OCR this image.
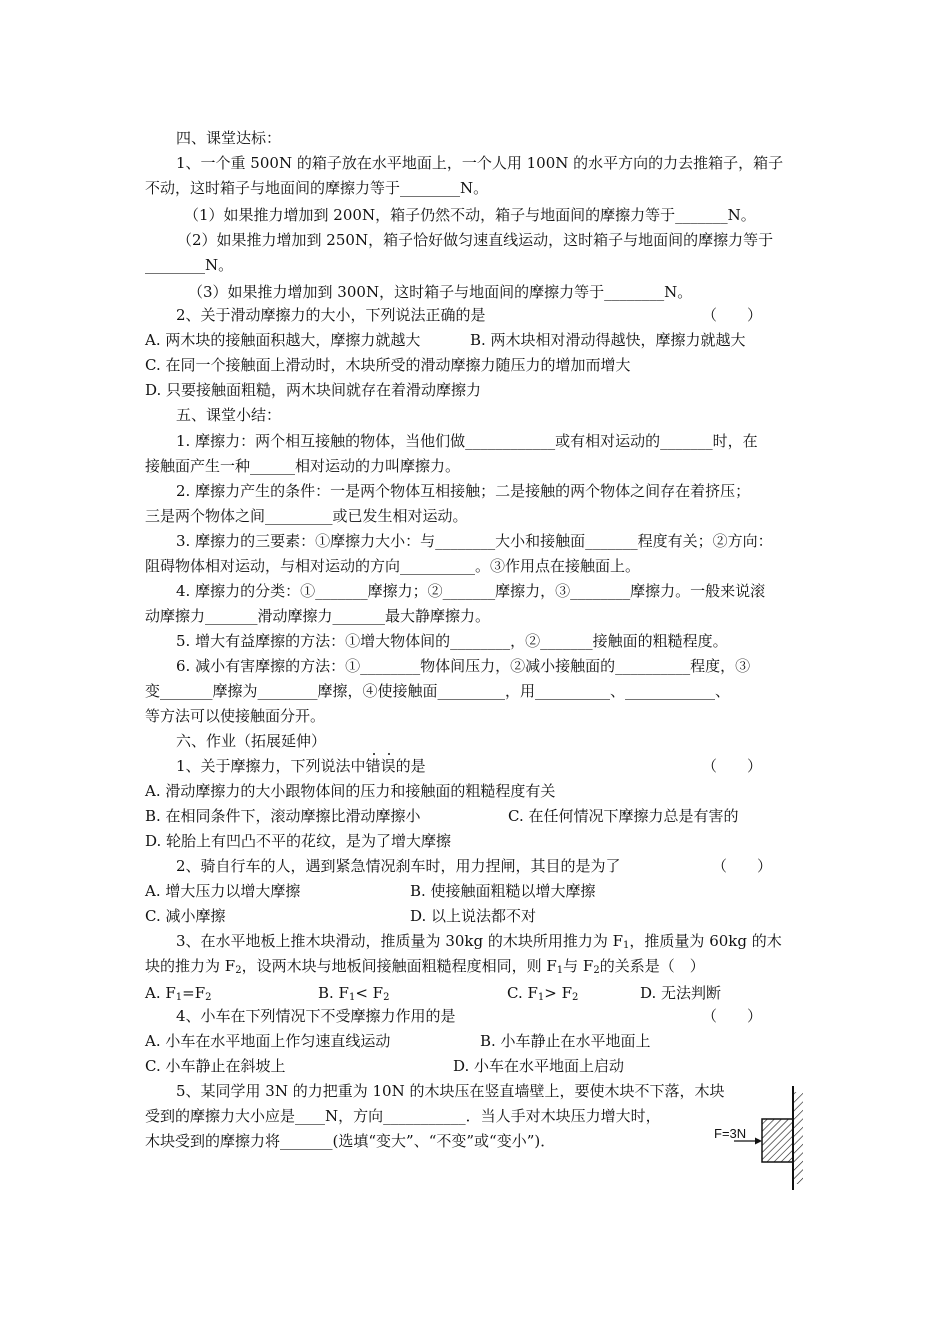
四、课堂达标：
1、一个重 500N 的箱子放在水平地面上，一个人用 100N 的水平方向的力去推箱子，箱子
不动，这时箱子与地面间的摩擦力等于________N。
（1）如果推力增加到 200N，箱子仍然不动，箱子与地面间的摩擦力等于_______N。
（2）如果推力增加到 250N，箱子恰好做匀速直线运动，这时箱子与地面间的摩擦力等于
________N。
（3）如果推力增加到 300N，这时箱子与地面间的摩擦力等于________N。
2、关于滑动摩擦力的大小，下列说法正确的是	（　　）
A. 两木块的接触面积越大，摩擦力就越大	B. 两木块相对滑动得越快，摩擦力就越大
C. 在同一个接触面上滑动时，木块所受的滑动摩擦力随压力的增加而增大
D. 只要接触面粗糙，两木块间就存在着滑动摩擦力
五、课堂小结：
1. 摩擦力：两个相互接触的物体，当他们做____________或有相对运动的_______时，在
接触面产生一种______相对运动的力叫摩擦力。
2. 摩擦力产生的条件：一是两个物体互相接触；二是接触的两个物体之间存在着挤压；
三是两个物体之间_________或已发生相对运动。
3. 摩擦力的三要素：①摩擦力大小：与________大小和接触面_______程度有关；②方向：
阻碍物体相对运动，与相对运动的方向__________。③作用点在接触面上。
4. 摩擦力的分类：①_______摩擦力；②_______摩擦力，③________摩擦力。一般来说滚
动摩擦力_______滑动摩擦力_______最大静摩擦力。
5. 增大有益摩擦的方法：①增大物体间的________，②_______接触面的粗糙程度。
6. 减小有害摩擦的方法：①________物体间压力，②减小接触面的__________程度，③
变_______摩擦为________摩擦，④使接触面_________，用__________、____________、
等方法可以使接触面分开。
六、作业（拓展延伸）
1、关于摩擦力，下列说法中错误的是	（　　）
A. 滑动摩擦力的大小跟物体间的压力和接触面的粗糙程度有关
B. 在相同条件下，滚动摩擦比滑动摩擦小	C. 在任何情况下摩擦力总是有害的
D. 轮胎上有凹凸不平的花纹，是为了增大摩擦
2、骑自行车的人，遇到紧急情况刹车时，用力捏闸，其目的是为了	（　　）
A. 增大压力以增大摩擦	B. 使接触面粗糙以增大摩擦
C. 减小摩擦	D. 以上说法都不对
3、在水平地板上推木块滑动，推质量为 30kg 的木块所用推力为 $F_1$，推质量为 60kg 的木
块的推力为 $F_2$，设两木块与地板间接触面粗糙程度相同，则 $F_1$与 $F_2$的关系是（　）
A. $F_1=F_2$	B. $F_1< F_2$	C. $F_1> F_2$	D. 无法判断
4、小车在下列情况下不受摩擦力作用的是	（　　）
A. 小车在水平地面上作匀速直线运动	B. 小车静止在水平地面上
C. 小车静止在斜坡上	D. 小车在水平地面上启动
5、某同学用 3N 的力把重为 10N 的木块压在竖直墙壁上，要使木块不下落，木块
受到的摩擦力大小应是____N，方向___________．当人手对木块压力增大时，
木块受到的摩擦力将_______(选填“变大”、“不变”或“变小”)．	F=3N
